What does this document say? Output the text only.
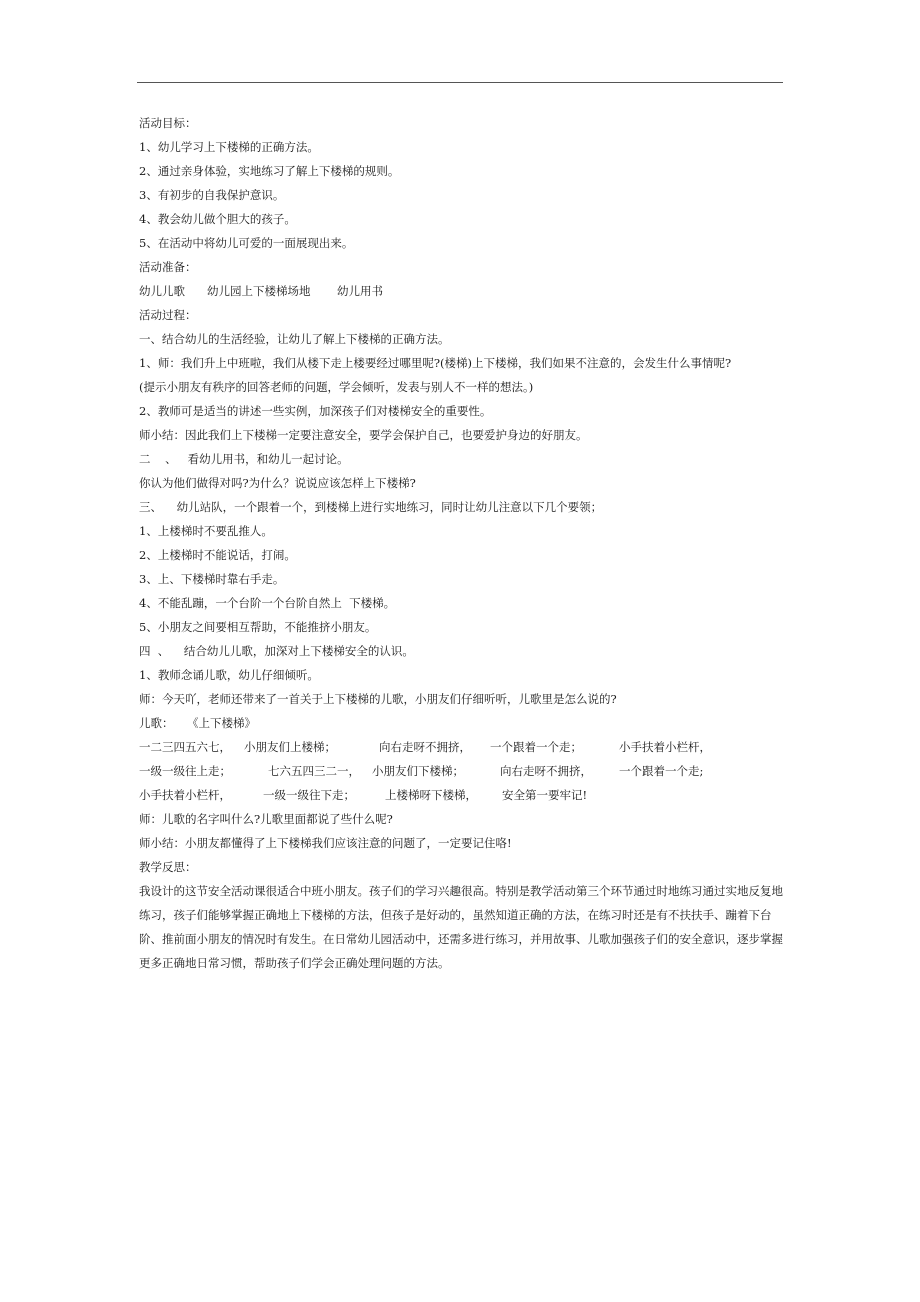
活动目标：

1、幼儿学习上下楼梯的正确方法。

2、通过亲身体验，实地练习了解上下楼梯的规则。

3、有初步的自我保护意识。

4、教会幼儿做个胆大的孩子。

5、在活动中将幼儿可爱的一面展现出来。

活动准备：

幼儿儿歌 幼儿园上下楼梯场地 幼儿用书

活动过程：

一、结合幼儿的生活经验，让幼儿了解上下楼梯的正确方法。

1、师：我们升上中班啦，我们从楼下走上楼要经过哪里呢?(楼梯)上下楼梯，我们如果不注意的，会发生什么事情呢?

(提示小朋友有秩序的回答老师的问题，学会倾听，发表与别人不一样的想法。)

2、教师可是适当的讲述一些实例，加深孩子们对楼梯安全的重要性。

师小结：因此我们上下楼梯一定要注意安全，要学会保护自己，也要爱护身边的好朋友。

二    、   看幼儿用书，和幼儿一起讨论。

你认为他们做得对吗?为什么？说说应该怎样上下楼梯?

三、    幼儿站队，一个跟着一个，到楼梯上进行实地练习，同时让幼儿注意以下几个要领；

1、上楼梯时不要乱推人。

2、上楼梯时不能说话，打闹。

3、上、下楼梯时靠右手走。

4、不能乱蹦，一个台阶一个台阶自然上  下楼梯。

5、小朋友之间要相互帮助，不能推挤小朋友。

四  、    结合幼儿儿歌，加深对上下楼梯安全的认识。

1、教师念诵儿歌，幼儿仔细倾听。

师：今天吖，老师还带来了一首关于上下楼梯的儿歌，小朋友们仔细听听，儿歌里是怎么说的?

儿歌： 《上下楼梯》
一二三四五六七， 小朋友们上楼梯；	向右走呀不拥挤， 一个跟着一个走；	小手扶着小栏杆，
一级一级往上走；	七六五四三二一， 小朋友们下楼梯；	向右走呀不拥挤， 一个跟着一个走;
小手扶着小栏杆，	一级一级往下走；	上楼梯呀下楼梯， 安全第一要牢记!

师：儿歌的名字叫什么?儿歌里面都说了些什么呢?

师小结：小朋友都懂得了上下楼梯我们应该注意的问题了，一定要记住咯!

教学反思：

我设计的这节安全活动课很适合中班小朋友。孩子们的学习兴趣很高。特别是教学活动第三个环节通过时地练习通过实地反复地练习，孩子们能够掌握正确地上下楼梯的方法，但孩子是好动的，虽然知道正确的方法，在练习时还是有不扶扶手、蹦着下台阶、推前面小朋友的情况时有发生。在日常幼儿园活动中，还需多进行练习，并用故事、儿歌加强孩子们的安全意识，逐步掌握更多正确地日常习惯，帮助孩子们学会正确处理问题的方法。
